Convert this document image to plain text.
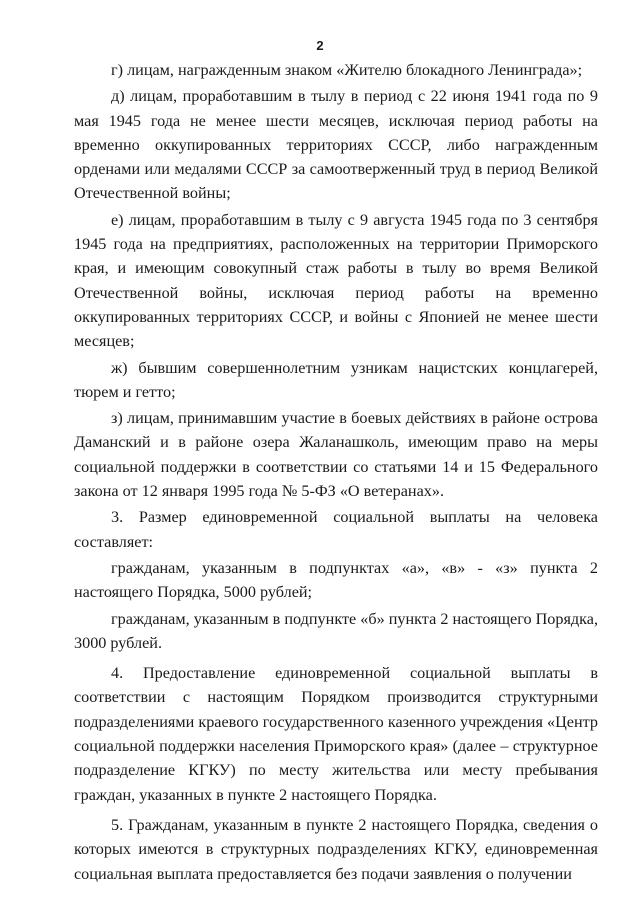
2

г) лицам, награжденным знаком «Жителю блокадного Ленинграда»;

д) лицам, проработавшим в тылу в период с 22 июня 1941 года по 9 мая 1945 года не менее шести месяцев, исключая период работы на временно оккупированных территориях СССР, либо награжденным орденами или медалями СССР за самоотверженный труд в период Великой Отечественной войны;

е) лицам, проработавшим в тылу с 9 августа 1945 года по 3 сентября 1945 года на предприятиях, расположенных на территории Приморского края, и имеющим совокупный стаж работы в тылу во время Великой Отечественной войны, исключая период работы на временно оккупированных территориях СССР, и войны с Японией не менее шести месяцев;

ж) бывшим совершеннолетним узникам нацистских концлагерей, тюрем и гетто;

з) лицам, принимавшим участие в боевых действиях в районе острова Даманский и в районе озера Жаланашколь, имеющим право на меры социальной поддержки в соответствии со статьями 14 и 15 Федерального закона от 12 января 1995 года № 5-ФЗ «О ветеранах».

3. Размер единовременной социальной выплаты на человека составляет:

гражданам, указанным в подпунктах «а», «в» - «з» пункта 2 настоящего Порядка, 5000 рублей;

гражданам, указанным в подпункте «б» пункта 2 настоящего Порядка, 3000 рублей.

4. Предоставление единовременной социальной выплаты в соответствии с настоящим Порядком производится структурными подразделениями краевого государственного казенного учреждения «Центр социальной поддержки населения Приморского края» (далее – структурное подразделение КГКУ) по месту жительства или месту пребывания граждан, указанных в пункте 2 настоящего Порядка.

5. Гражданам, указанным в пункте 2 настоящего Порядка, сведения о которых имеются в структурных подразделениях КГКУ, единовременная социальная выплата предоставляется без подачи заявления о получении
